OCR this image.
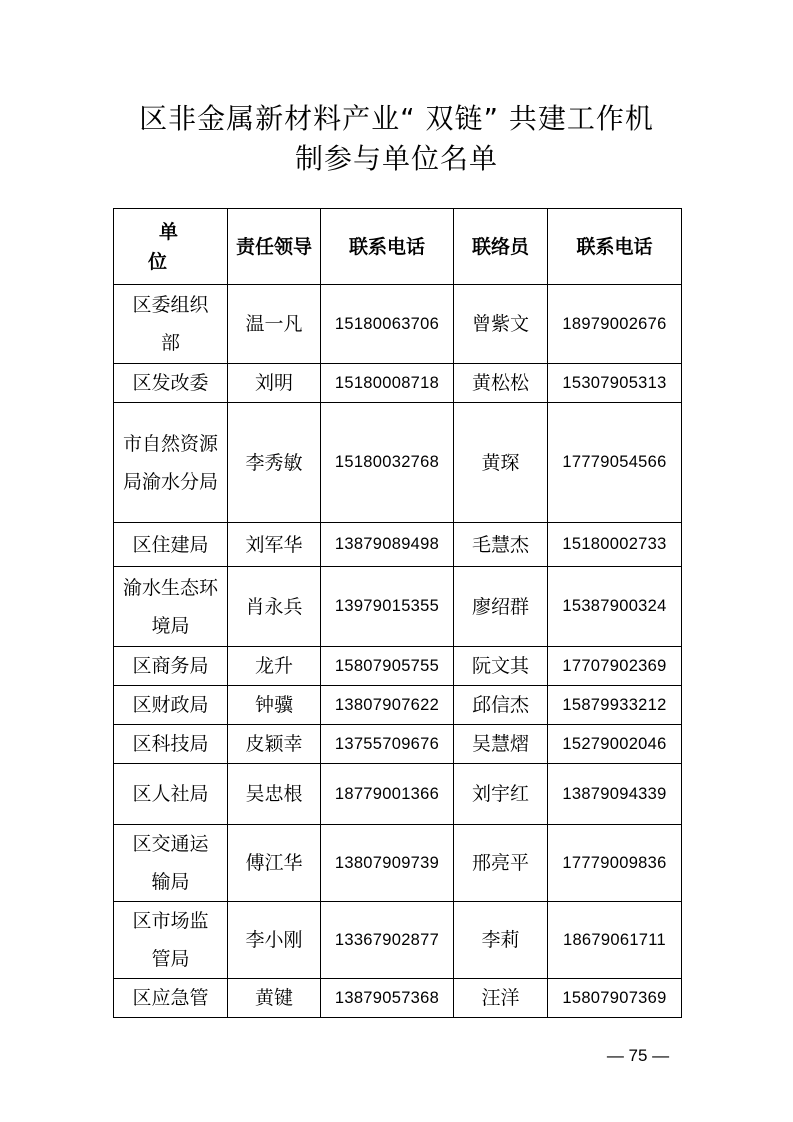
区非金属新材料产业“ 双链” 共建工作机
制参与单位名单
单 位	责任领导	联系电话	联络员	联系电话
区委组织部	温一凡	15180063706	曾紫文	18979002676
区发改委	刘明	15180008718	黄松松	15307905313
市自然资源局渝水分局	李秀敏	15180032768	黄琛	17779054566
区住建局	刘军华	13879089498	毛慧杰	15180002733
渝水生态环境局	肖永兵	13979015355	廖绍群	15387900324
区商务局	龙升	15807905755	阮文其	17707902369
区财政局	钟骥	13807907622	邱信杰	15879933212
区科技局	皮颖幸	13755709676	吴慧熠	15279002046
区人社局	吴忠根	18779001366	刘宇红	13879094339
区交通运输局	傅江华	13807909739	邢亮平	17779009836
区市场监管局	李小刚	13367902877	李莉	18679061711
区应急管	黄键	13879057368	汪洋	15807907369
— 75 —
